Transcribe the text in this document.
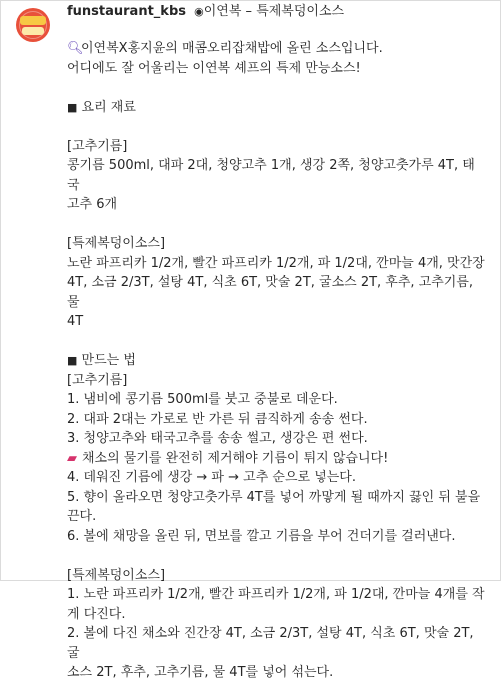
funstaurant_kbs ◉이연복 – 특제복덩이소스
🔍︎이연복X홍지윤의 매콤오리잡채밥에 올린 소스입니다.
어디에도 잘 어울리는 이연복 셰프의 특제 만능소스!
■ 요리 재료
[고추기름]
콩기름 500ml, 대파 2대, 청양고추 1개, 생강 2쪽, 청양고춧가루 4T, 태국
고추 6개
[특제복덩이소스]
노란 파프리카 1/2개, 빨간 파프리카 1/2개, 파 1/2대, 깐마늘 4개, 맛간장
4T, 소금 2/3T, 설탕 4T, 식초 6T, 맛술 2T, 굴소스 2T, 후추, 고추기름, 물
4T
■ 만드는 법
[고추기름]
1. 냄비에 콩기름 500ml를 붓고 중불로 데운다.
2. 대파 2대는 가로로 반 가른 뒤 큼직하게 송송 썬다.
3. 청양고추와 태국고추를 송송 썰고, 생강은 편 썬다.
▰ 채소의 물기를 완전히 제거해야 기름이 튀지 않습니다!
4. 데워진 기름에 생강 → 파 → 고추 순으로 넣는다.
5. 향이 올라오면 청양고춧가루 4T를 넣어 까맣게 될 때까지 끓인 뒤 불을
끈다.
6. 볼에 채망을 올린 뒤, 면보를 깔고 기름을 부어 건더기를 걸러낸다.
[특제복덩이소스]
1. 노란 파프리카 1/2개, 빨간 파프리카 1/2개, 파 1/2대, 깐마늘 4개를 작
게 다진다.
2. 볼에 다진 채소와 진간장 4T, 소금 2/3T, 설탕 4T, 식초 6T, 맛술 2T, 굴
소스 2T, 후추, 고추기름, 물 4T를 넣어 섞는다.
